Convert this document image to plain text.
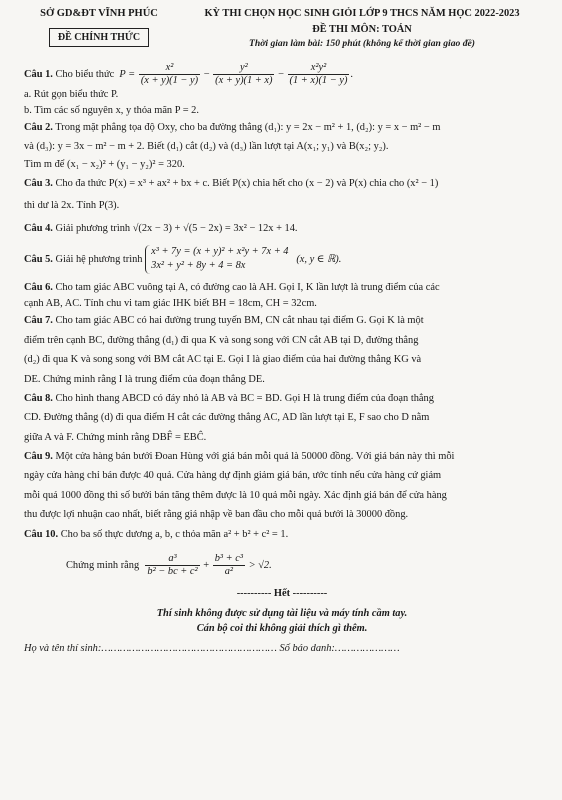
SỞ GD&ĐT VĨNH PHÚC
ĐỀ CHÍNH THỨC
KỲ THI CHỌN HỌC SINH GIỎI LỚP 9 THCS NĂM HỌC 2022-2023
ĐỀ THI MÔN: TOÁN
Thời gian làm bài: 150 phút (không kể thời gian giao đề)
Câu 1. Cho biểu thức $P = \frac{\text{x²}}{(x + y)(1 - y)} - \frac{\text{y²}}{(x + y)(1 + x)} - \frac{\text{x²y²}}{(1 + x)(1 - y)}$ .
a. Rút gọn biểu thức P.
b. Tìm các số nguyên x, y thỏa mãn P = 2.
Câu 2. Trong mặt phẳng tọa độ Oxy, cho ba đường thẳng (d₁): y = 2x − m² + 1, (d₂): y = x − m² − m
và (d₃): y = 3x − m² − m + 2. Biết (d₁) cắt (d₂) và (d₃) lần lượt tại A(x₁; y₁) và B(x₂; y₂).
Tìm m để (x₁ − x₂)² + (y₁ − y₂)² = 320.
Câu 3. Cho đa thức P(x) = x³ + ax² + bx + c. Biết P(x) chia hết cho (x − 2) và P(x) chia cho (x² − 1)
thì dư là 2x. Tính P(3).
Câu 4. Giải phương trình √(2x − 3) + √(5 − 2x) = 3x² − 12x + 14.
Câu 5. Giải hệ phương trình
x³ + 7y = (x + y)² + x²y + 7x + 4
3x² + y² + 8y + 4 = 8x
(x, y ∈ ℝ).
Câu 6. Cho tam giác ABC vuông tại A, có đường cao là AH. Gọi I, K lần lượt là trung điểm của các
cạnh AB, AC. Tính chu vi tam giác IHK biết BH = 18cm, CH = 32cm.
Câu 7. Cho tam giác ABC có hai đường trung tuyến BM, CN cắt nhau tại điểm G. Gọi K là một
điểm trên cạnh BC, đường thẳng (d₁) đi qua K và song song với CN cắt AB tại D, đường thẳng
(d₂) đi qua K và song song với BM cắt AC tại E. Gọi I là giao điểm của hai đường thẳng KG và
DE. Chứng minh rằng I là trung điểm của đoạn thẳng DE.
Câu 8. Cho hình thang ABCD có đáy nhỏ là AB và BC = BD. Gọi H là trung điểm của đoạn thẳng
CD. Đường thẳng (d) đi qua điểm H cắt các đường thẳng AC, AD lần lượt tại E, F sao cho D nằm
giữa A và F. Chứng minh rằng DBF̂ = EBĈ.
Câu 9. Một cửa hàng bán bưởi Đoan Hùng với giá bán mỗi quả là 50000 đồng. Với giá bán này thì mỗi
ngày cửa hàng chỉ bán được 40 quả. Cửa hàng dự định giảm giá bán, ước tính nếu cửa hàng cứ giảm
mỗi quả 1000 đồng thì số bưởi bán tăng thêm được là 10 quả mỗi ngày. Xác định giá bán để cửa hàng
thu được lợi nhuận cao nhất, biết rằng giá nhập về ban đầu cho mỗi quả bưởi là 30000 đồng.
Câu 10. Cho ba số thực dương a, b, c thỏa mãn a² + b² + c² = 1.
Chứng minh rằng $\frac{\text{a³}}{\text{b² − bc + c²}} + \frac{\text{b³ + c³}}{\text{a²}} > √2$.
---------- Hết ----------
Thí sinh không được sử dụng tài liệu và máy tính cầm tay.
Cán bộ coi thi không giải thích gì thêm.
Họ và tên thí sinh:………………………………………………… Số báo danh:…………………
